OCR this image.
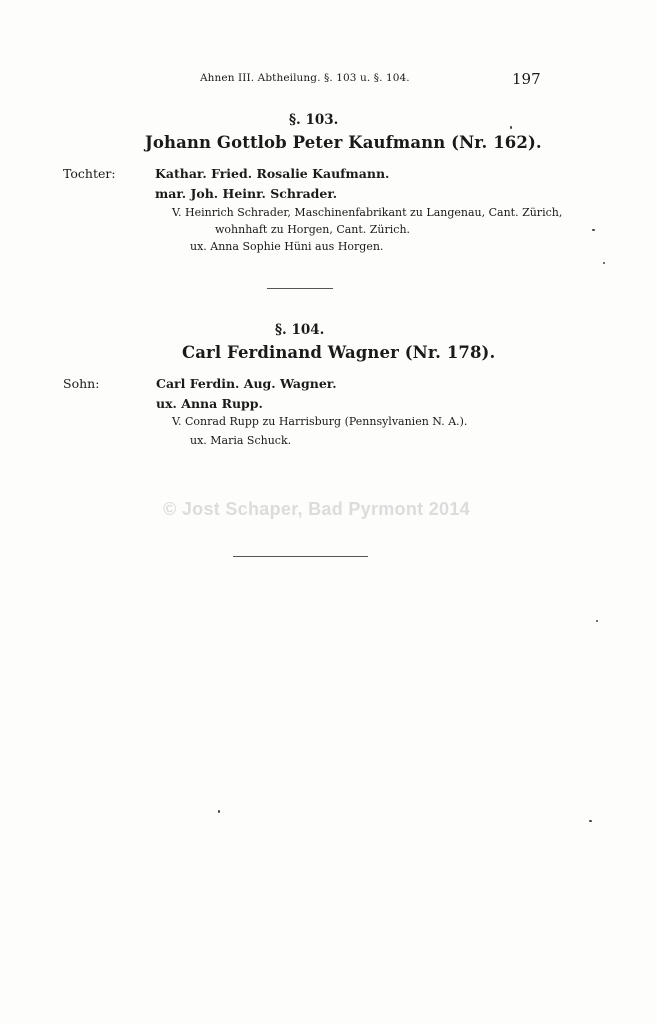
Ahnen III. Abtheilung. §. 103 u. §. 104.	197
§. 103.
Johann Gottlob Peter Kaufmann (Nr. 162).
Tochter:	Kathar. Fried. Rosalie Kaufmann.
mar. Joh. Heinr. Schrader.
V. Heinrich Schrader, Maschinenfabrikant zu Langenau, Cant. Zürich,
wohnhaft zu Horgen, Cant. Zürich.
ux. Anna Sophie Hüni aus Horgen.
§. 104.
Carl Ferdinand Wagner (Nr. 178).
Sohn:	Carl Ferdin. Aug. Wagner.
ux. Anna Rupp.
V. Conrad Rupp zu Harrisburg (Pennsylvanien N. A.).
ux. Maria Schuck.
© Jost Schaper, Bad Pyrmont 2014
